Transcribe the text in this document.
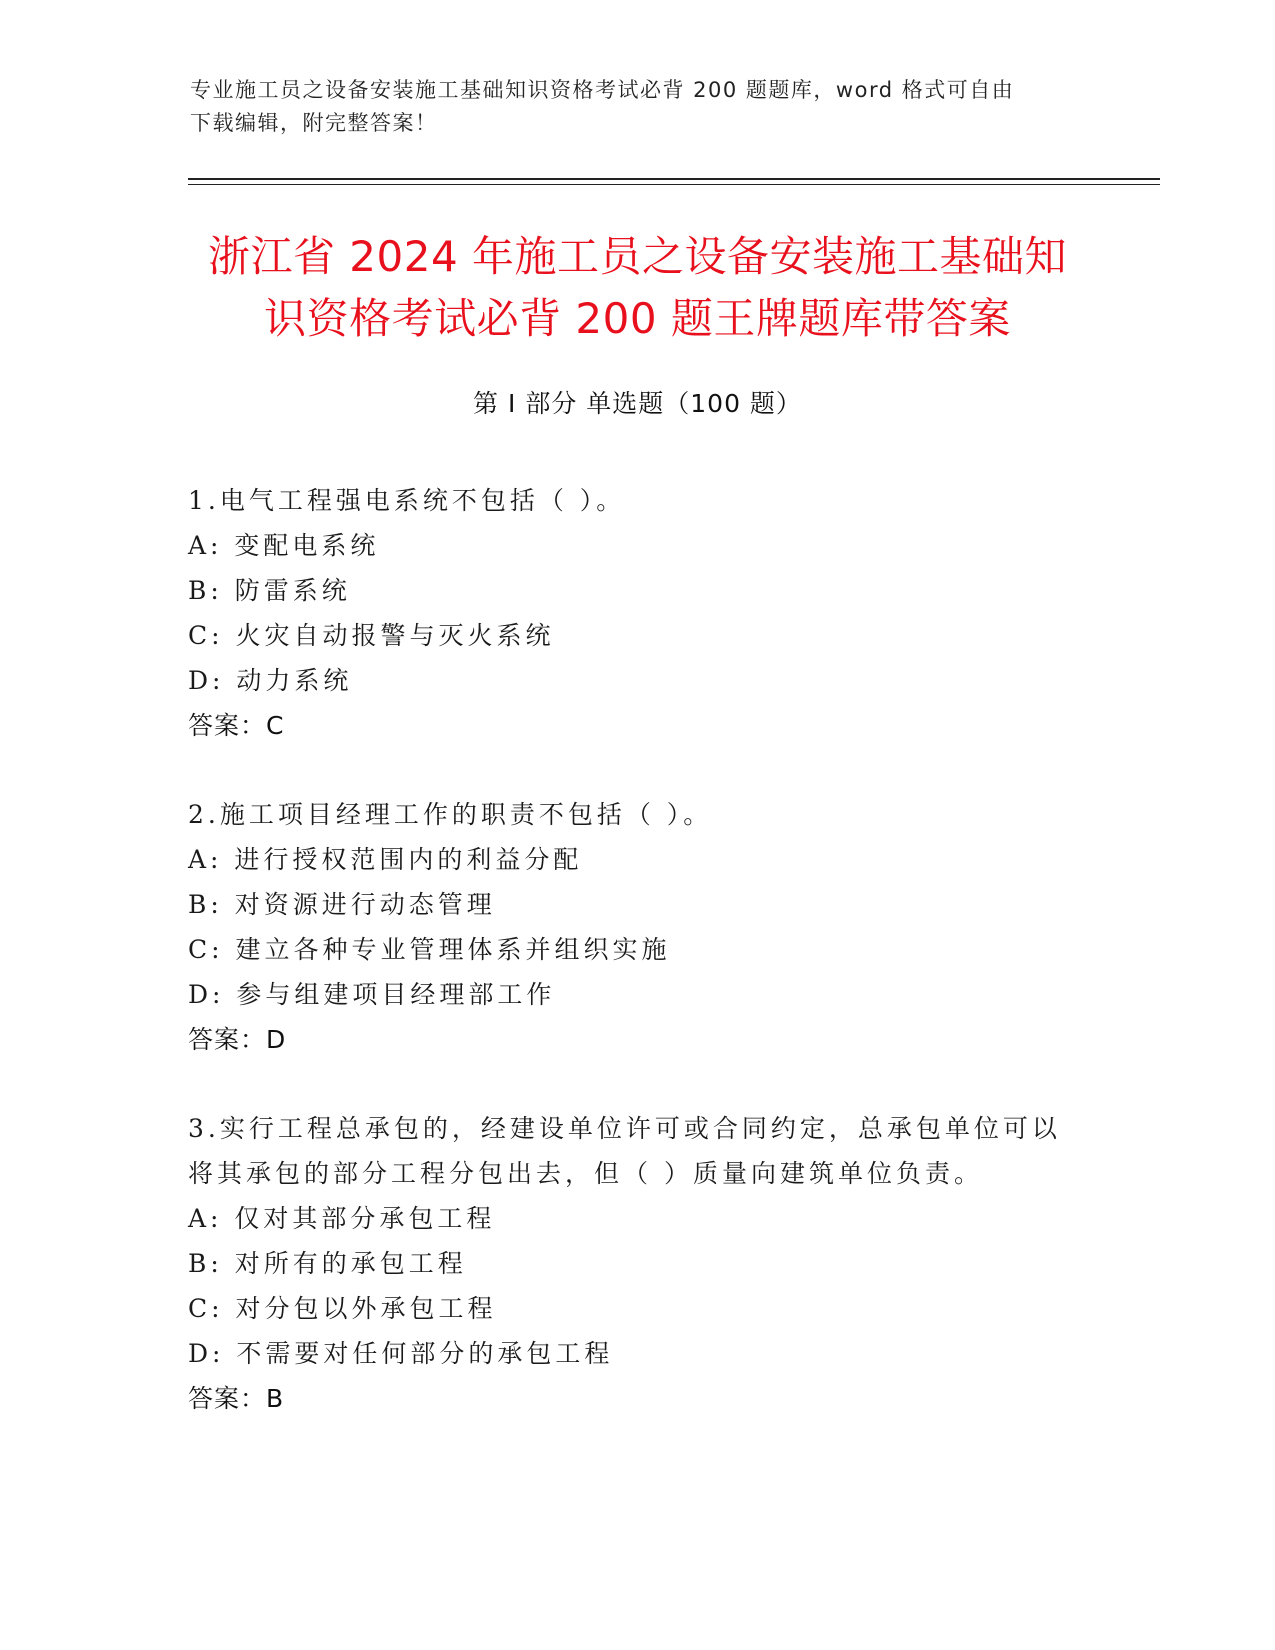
专业施工员之设备安装施工基础知识资格考试必背 200 题题库，word 格式可自由
下载编辑，附完整答案！
浙江省 2024 年施工员之设备安装施工基础知
识资格考试必背 200 题王牌题库带答案
第 I 部分 单选题（100 题）
1.电气工程强电系统不包括（ ）。
A: 变配电系统
B: 防雷系统
C: 火灾自动报警与灭火系统
D: 动力系统
答案：C
2.施工项目经理工作的职责不包括（ ）。
A: 进行授权范围内的利益分配
B: 对资源进行动态管理
C: 建立各种专业管理体系并组织实施
D: 参与组建项目经理部工作
答案：D
3.实行工程总承包的，经建设单位许可或合同约定，总承包单位可以
将其承包的部分工程分包出去，但（ ）质量向建筑单位负责。
A: 仅对其部分承包工程
B: 对所有的承包工程
C: 对分包以外承包工程
D: 不需要对任何部分的承包工程
答案：B
